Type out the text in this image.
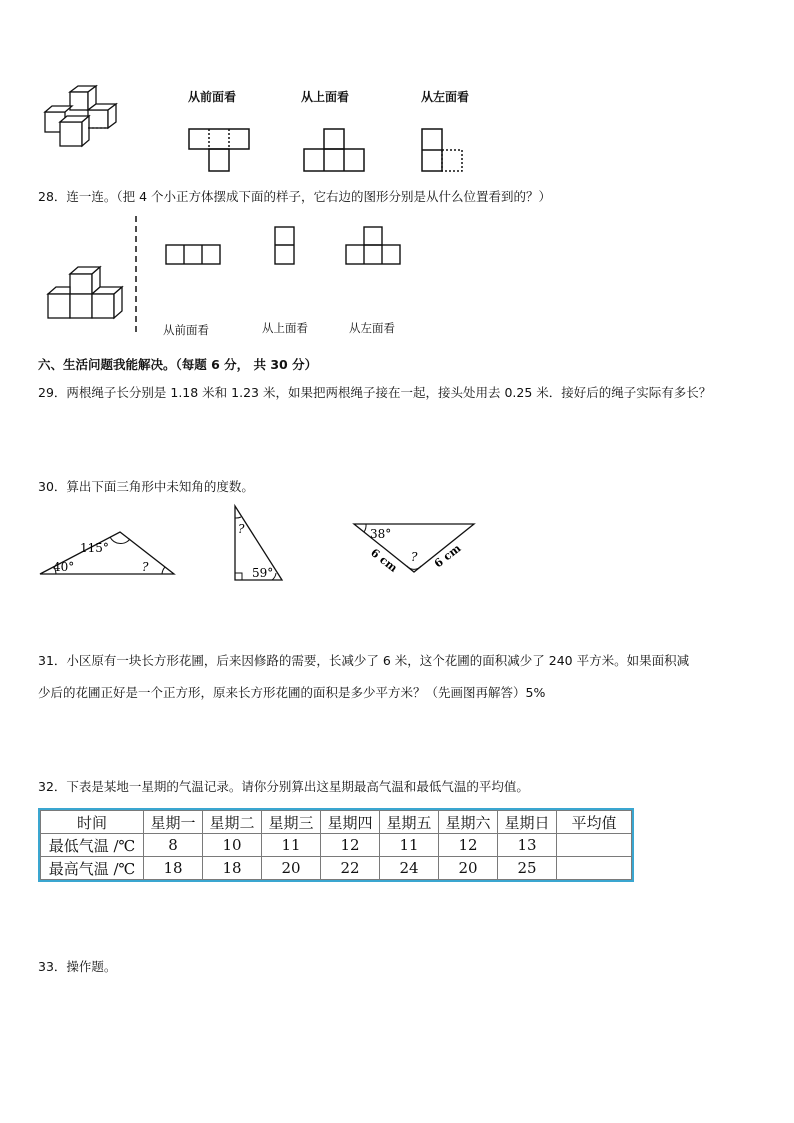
从前面看	从上面看	从左面看
28．连一连。（把 4 个小正方体摆成下面的样子，它右边的图形分别是从什么位置看到的？）
从前面看	从上面看	从左面看
六、生活问题我能解决。（每题 6 分， 共 30 分）
29．两根绳子长分别是 1.18 米和 1.23 米，如果把两根绳子接在一起，接头处用去 0.25 米．接好后的绳子实际有多长？
30．算出下面三角形中未知角的度数。
115°
40°	?
?
59°
38°
?
6 cm	6 cm
31．小区原有一块长方形花圃，后来因修路的需要，长减少了 6 米，这个花圃的面积减少了 240 平方米。如果面积减
少后的花圃正好是一个正方形，原来长方形花圃的面积是多少平方米？（先画图再解答）5%
32．下表是某地一星期的气温记录。请你分别算出这星期最高气温和最低气温的平均值。
时间	星期一	星期二	星期三	星期四	星期五	星期六	星期日	平均值
最低气温 /℃	8	10	11	12	11	12	13	
最高气温 /℃	18	18	20	22	24	20	25	
33．操作题。
